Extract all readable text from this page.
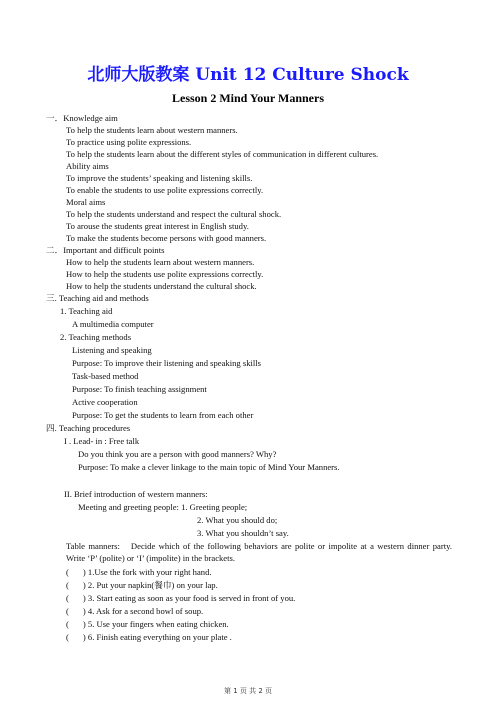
北师大版教案 Unit 12 Culture Shock
Lesson 2 Mind Your Manners
一．Knowledge aim
To help the students learn about western manners.
To practice using polite expressions.
To help the students learn about the different styles of communication in different cultures.
Ability aims
To improve the students’ speaking and listening skills.
To enable the students to use polite expressions correctly.
Moral aims
To help the students understand and respect the cultural shock.
To arouse the students great interest in English study.
To make the students become persons with good manners.
二．Important and difficult points
How to help the students learn about western manners.
How to help the students use polite expressions correctly.
How to help the students understand the cultural shock.
三. Teaching aid and methods
1. Teaching aid
A multimedia computer
2. Teaching methods
Listening and speaking
Purpose: To improve their listening and speaking skills
Task-based method
Purpose: To finish teaching assignment
Active cooperation
Purpose: To get the students to learn from each other
四. Teaching procedures
I . Lead- in : Free talk
Do you think you are a person with good manners? Why?
Purpose: To make a clever linkage to the main topic of Mind Your Manners.
II. Brief introduction of western manners:
Meeting and greeting people: 1. Greeting people;
2. What you should do;
3. What you shouldn’t say.
Table manners:　Decide which of the following behaviors are polite or impolite at a western dinner party. Write ‘P’ (polite) or ‘I’ (impolite) in the brackets.
( ) 1.Use the fork with your right hand.
( ) 2. Put your napkin(餐巾) on your lap.
( ) 3. Start eating as soon as your food is served in front of you.
( ) 4. Ask for a second bowl of soup.
( ) 5. Use your fingers when eating chicken.
( ) 6. Finish eating everything on your plate .
第 1 页 共 2 页
